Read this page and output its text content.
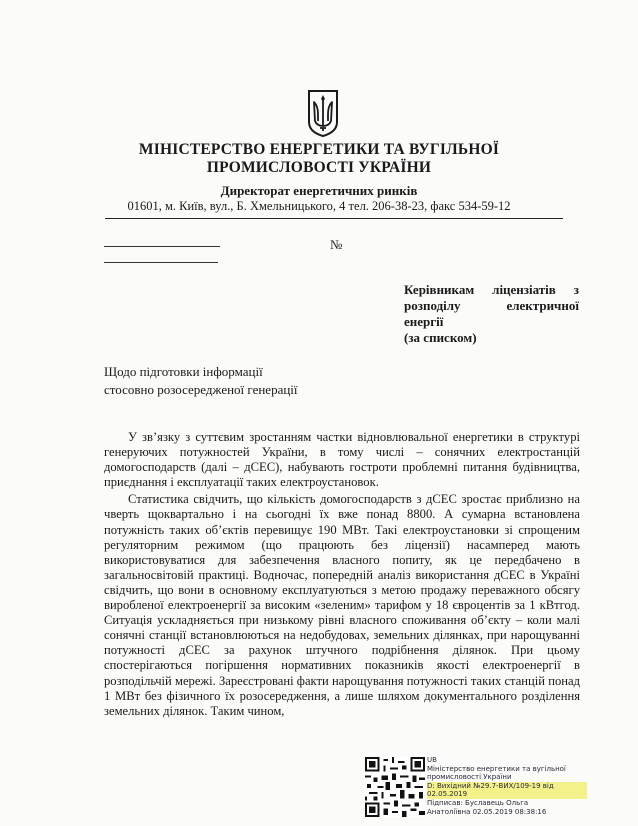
МІНІСТЕРСТВО ЕНЕРГЕТИКИ ТА ВУГІЛЬНОЇ
ПРОМИСЛОВОСТІ УКРАЇНИ
Директорат енергетичних ринків
01601, м. Київ, вул., Б. Хмельницького, 4 тел. 206-38-23, факс 534-59-12
№
Керівникам ліцензіатів з
розподілу електричної
енергії
(за списком)
Щодо підготовки інформації
стосовно розосередженої генерації

У зв’язку з суттєвим зростанням частки відновлювальної енергетики в структурі генеруючих потужностей України, в тому числі – сонячних електростанцій домогосподарств (далі – дСЕС), набувають гостроти проблемні питання будівництва, приєднання і експлуатації таких електроустановок.

Статистика свідчить, що кількість домогосподарств з дСЕС зростає приблизно на чверть щоквартально і на сьогодні їх вже понад 8800. А сумарна встановлена потужність таких об’єктів перевищує 190 МВт. Такі електроустановки зі спрощеним регуляторним режимом (що працюють без ліцензії) насамперед мають використовуватися для забезпечення власного попиту, як це передбачено в загальносвітовій практиці. Водночас, попередній аналіз використання дСЕС в Україні свідчить, що вони в основному експлуатуються з метою продажу переважного обсягу виробленої електроенергії за високим «зеленим» тарифом у 18 євроцентів за 1 кВтгод. Ситуація ускладняється при низькому рівні власного споживання об’єкту – коли малі сонячні станції встановлюються на недобудовах, земельних ділянках, при нарощуванні потужності дСЕС за рахунок штучного подрібнення ділянок. При цьому спостерігаються погіршення нормативних показників якості електроенергії в розподільчій мережі. Зареєстровані факти нарощування потужності таких станцій понад 1 МВт без фізичного їх розосередження, а лише шляхом документального розділення земельних ділянок. Таким чином,

UB
Міністерство енергетики та вугільної
промисловості України
D: Вихідний №29.7-ВИХ/109-19 від
02.05.2019
Підписав: Буславець Ольга
Анатоліївна 02.05.2019 08:38:16
